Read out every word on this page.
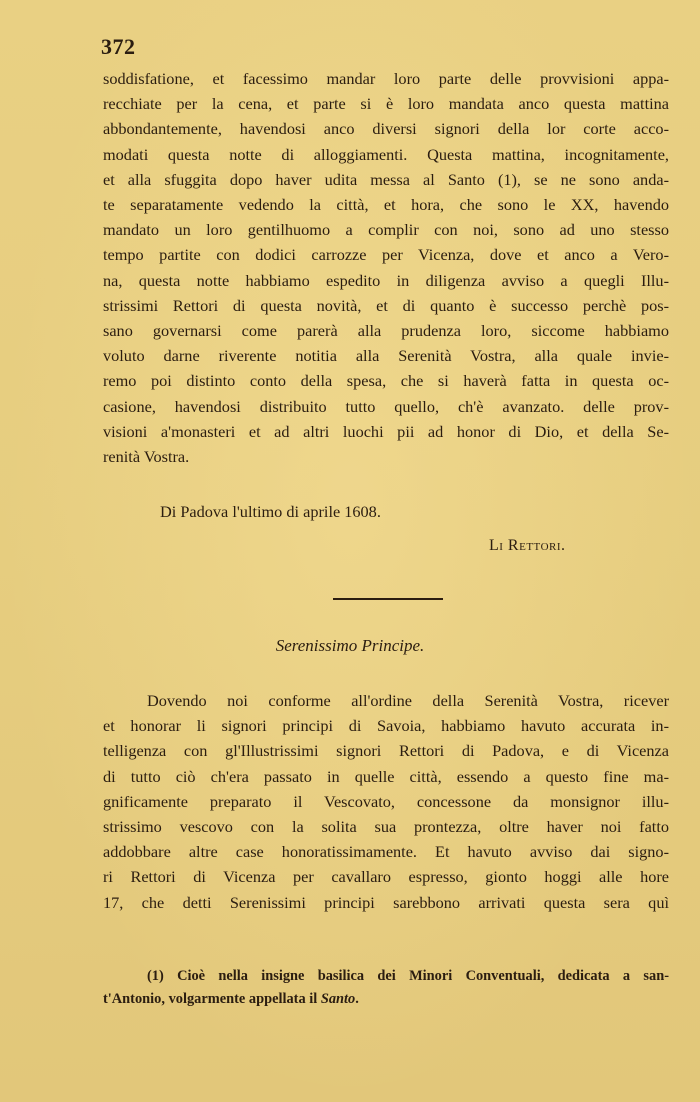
372
soddisfatione, et facessimo mandar loro parte delle provvisioni appa-
recchiate per la cena, et parte si è loro mandata anco questa mattina
abbondantemente, havendosi anco diversi signori della lor corte acco-
modati questa notte di alloggiamenti. Questa mattina, incognitamente,
et alla sfuggita dopo haver udita messa al Santo (1), se ne sono anda-
te separatamente vedendo la città, et hora, che sono le XX, havendo
mandato un loro gentilhuomo a complir con noi, sono ad uno stesso
tempo partite con dodici carrozze per Vicenza, dove et anco a Vero-
na, questa notte habbiamo espedito in diligenza avviso a quegli Illu-
strissimi Rettori di questa novità, et di quanto è successo perchè pos-
sano governarsi come parerà alla prudenza loro, siccome habbiamo
voluto darne riverente notitia alla Serenità Vostra, alla quale invie-
remo poi distinto conto della spesa, che si haverà fatta in questa oc-
casione, havendosi distribuito tutto quello, ch'è avanzato. delle prov-
visioni a'monasteri et ad altri luochi pii ad honor di Dio, et della Se-
renità Vostra.
Di Padova l'ultimo di aprile 1608.
Li Rettori.
Serenissimo Principe.
Dovendo noi conforme all'ordine della Serenità Vostra, ricever
et honorar li signori principi di Savoia, habbiamo havuto accurata in-
telligenza con gl'Illustrissimi signori Rettori di Padova, e di Vicenza
di tutto ciò ch'era passato in quelle città, essendo a questo fine ma-
gnificamente preparato il Vescovato, concessone da monsignor illu-
strissimo vescovo con la solita sua prontezza, oltre haver noi fatto
addobbare altre case honoratissimamente. Et havuto avviso dai signo-
ri Rettori di Vicenza per cavallaro espresso, gionto hoggi alle hore
17, che detti Serenissimi principi sarebbono arrivati questa sera quì
(1) Cioè nella insigne basilica dei Minori Conventuali, dedicata a san-
t'Antonio, volgarmente appellata il Santo.
